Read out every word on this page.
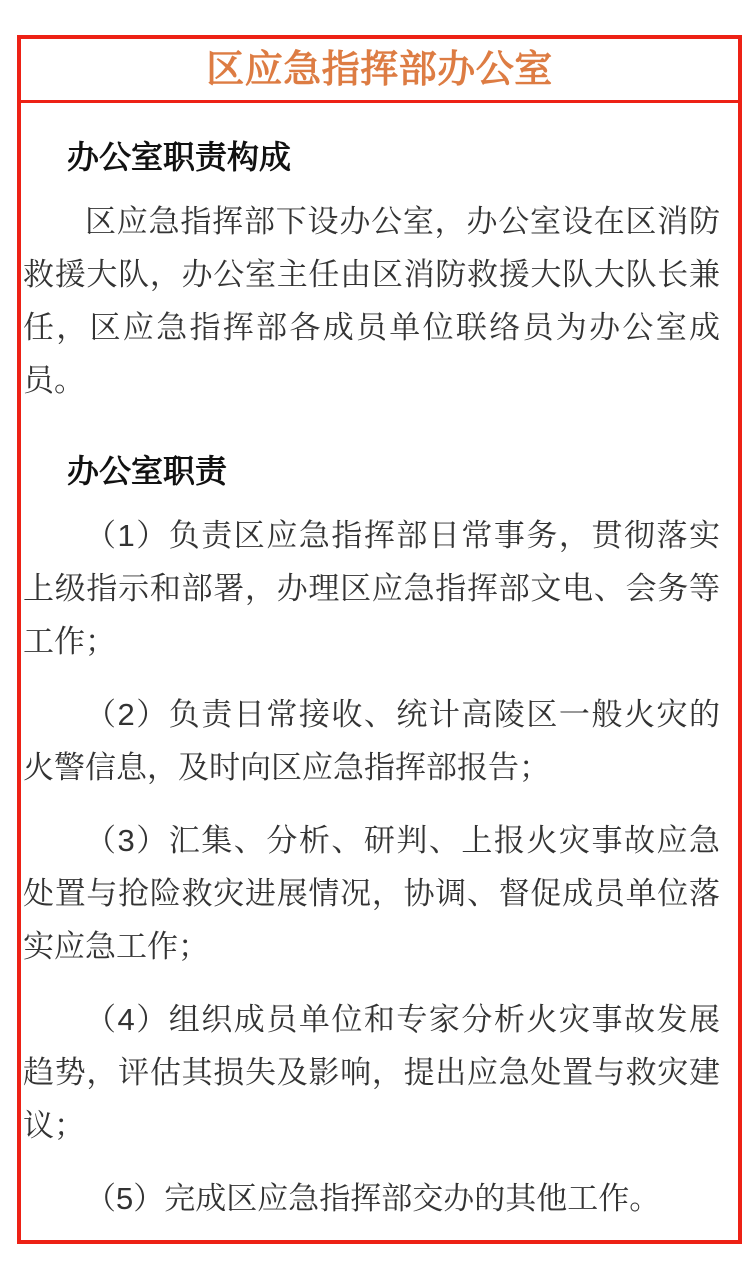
区应急指挥部办公室
办公室职责构成

区应急指挥部下设办公室，办公室设在区消防救援大队，办公室主任由区消防救援大队大队长兼任，区应急指挥部各成员单位联络员为办公室成员。

办公室职责

（1）负责区应急指挥部日常事务，贯彻落实上级指示和部署，办理区应急指挥部文电、会务等工作；

（2）负责日常接收、统计高陵区一般火灾的火警信息，及时向区应急指挥部报告；

（3）汇集、分析、研判、上报火灾事故应急处置与抢险救灾进展情况，协调、督促成员单位落实应急工作；

（4）组织成员单位和专家分析火灾事故发展趋势，评估其损失及影响，提出应急处置与救灾建议；

（5）完成区应急指挥部交办的其他工作。
